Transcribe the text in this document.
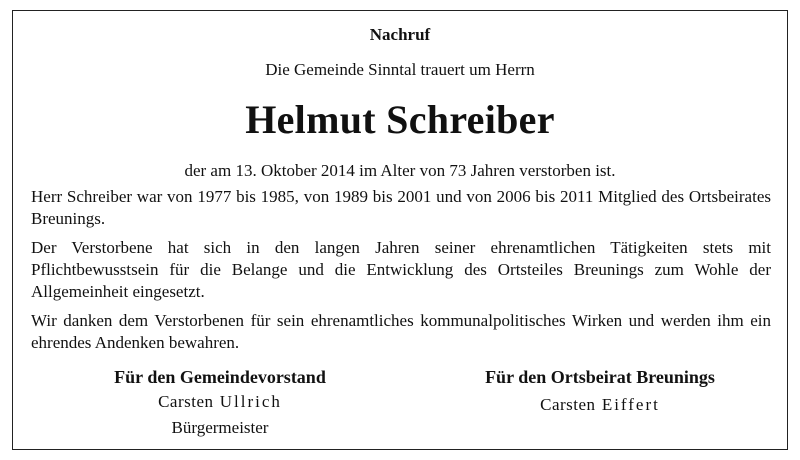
Nachruf
Die Gemeinde Sinntal trauert um Herrn
Helmut Schreiber
der am 13. Oktober 2014 im Alter von 73 Jahren verstorben ist.

Herr Schreiber war von 1977 bis 1985, von 1989 bis 2001 und von 2006 bis 2011 Mitglied des Ortsbeirates Breunings.

Der Verstorbene hat sich in den langen Jahren seiner ehrenamtlichen Tätigkeiten stets mit Pflichtbewusstsein für die Belange und die Entwicklung des Ortsteiles Breunings zum Wohle der Allgemeinheit eingesetzt.

Wir danken dem Verstorbenen für sein ehrenamtliches kommunalpolitisches Wirken und werden ihm ein ehrendes Andenken bewahren.

Für den Gemeindevorstand
Carsten Ullrich
Bürgermeister
Für den Ortsbeirat Breunings
Carsten Eiffert
